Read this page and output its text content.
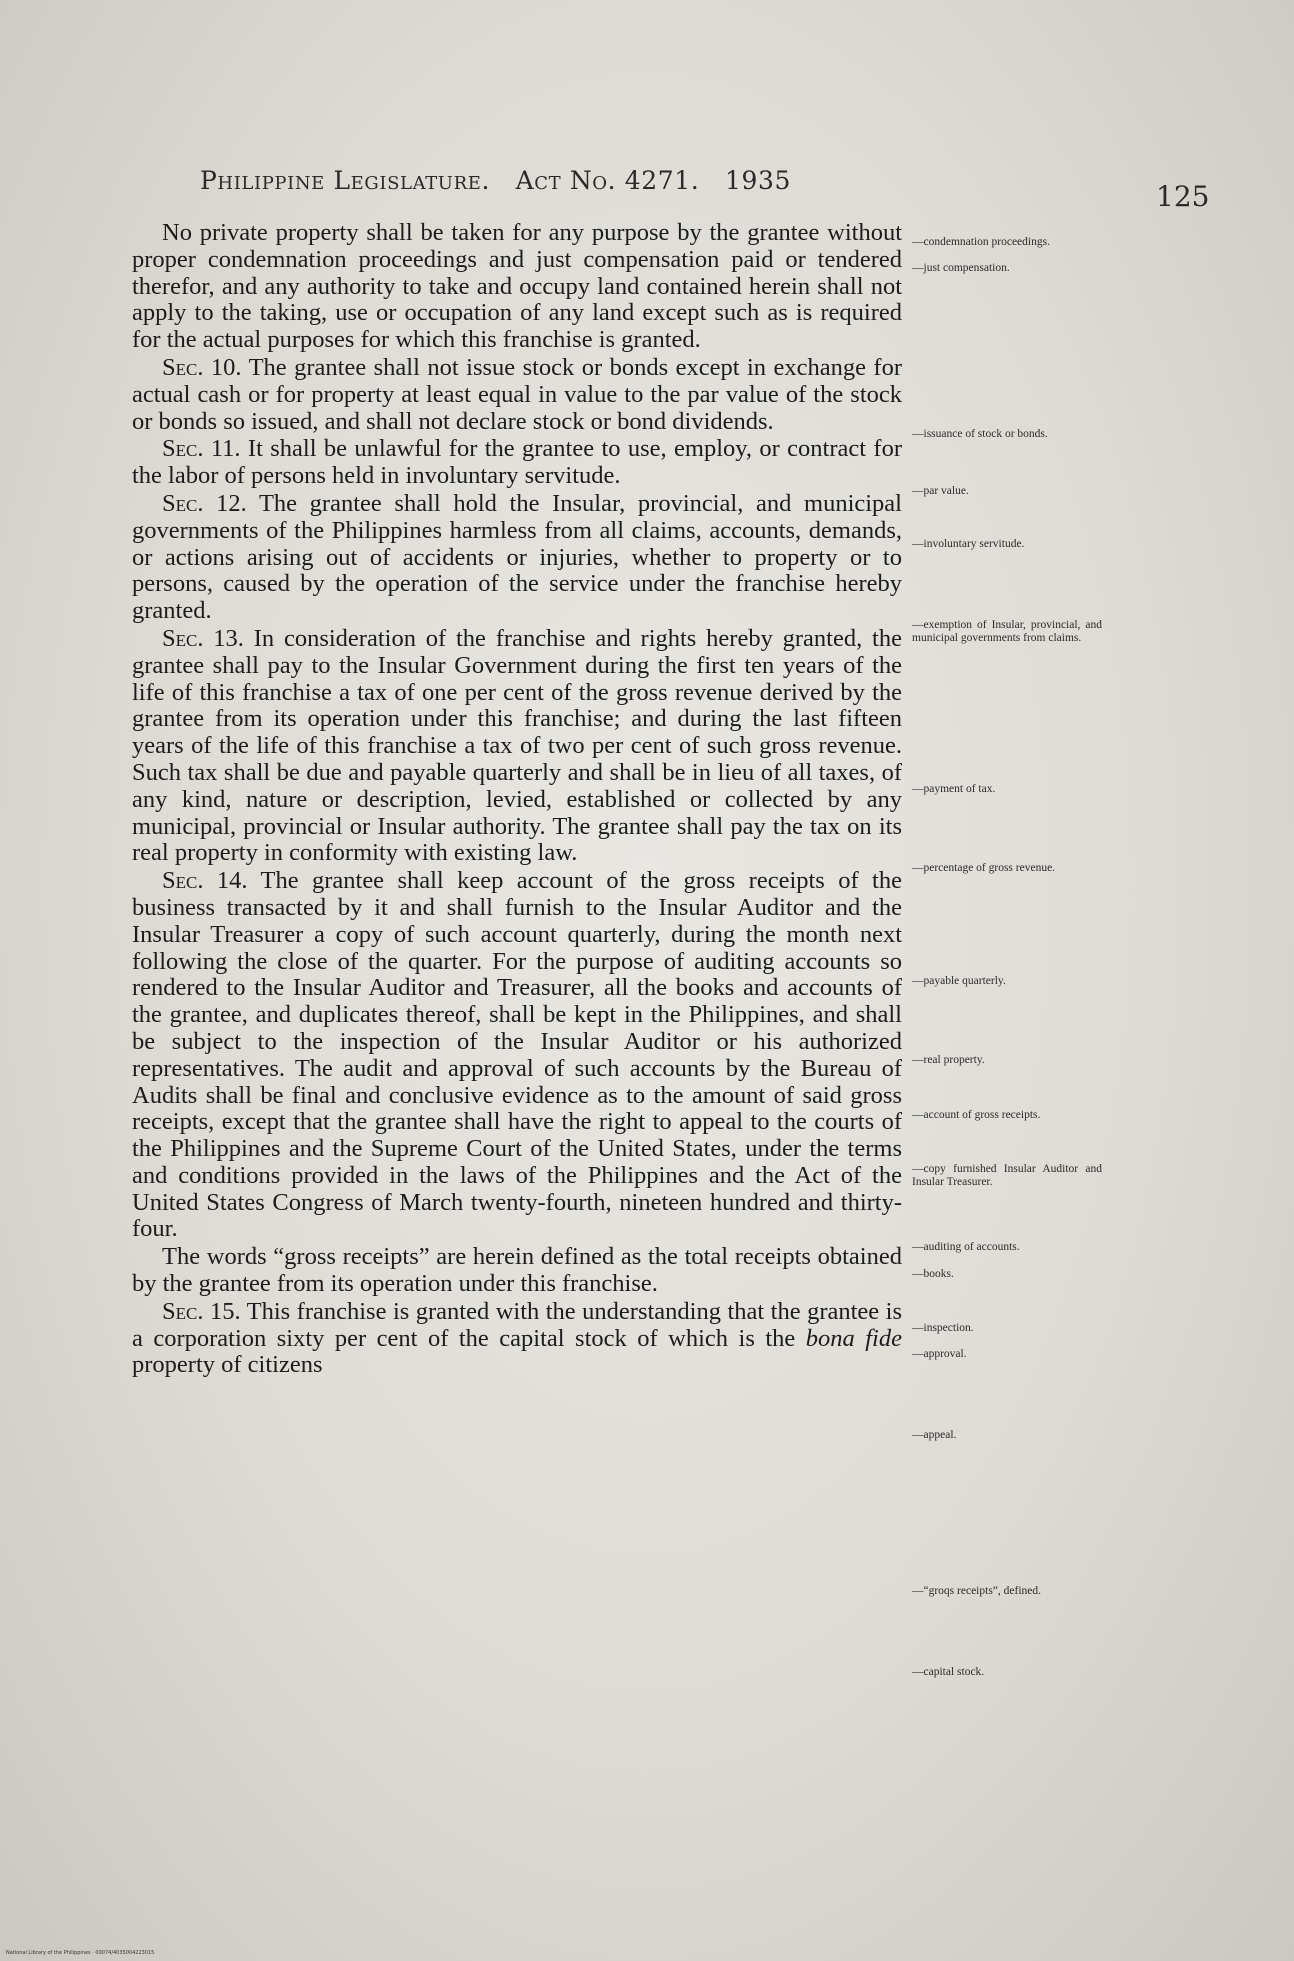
Philippine Legislature. Act No. 4271. 1935	125

No private property shall be taken for any purpose by the grantee without proper condemnation proceedings and just compensation paid or tendered therefor, and any authority to take and occupy land contained herein shall not apply to the taking, use or occupation of any land except such as is required for the actual purposes for which this franchise is granted.

Sec. 10. The grantee shall not issue stock or bonds except in exchange for actual cash or for property at least equal in value to the par value of the stock or bonds so issued, and shall not declare stock or bond dividends.

Sec. 11. It shall be unlawful for the grantee to use, employ, or contract for the labor of persons held in involuntary servitude.

Sec. 12. The grantee shall hold the Insular, provincial, and municipal governments of the Philippines harmless from all claims, accounts, demands, or actions arising out of accidents or injuries, whether to property or to persons, caused by the operation of the service under the franchise hereby granted.

Sec. 13. In consideration of the franchise and rights hereby granted, the grantee shall pay to the Insular Government during the first ten years of the life of this franchise a tax of one per cent of the gross revenue derived by the grantee from its operation under this franchise; and during the last fifteen years of the life of this franchise a tax of two per cent of such gross revenue. Such tax shall be due and payable quarterly and shall be in lieu of all taxes, of any kind, nature or description, levied, established or collected by any municipal, provincial or Insular authority. The grantee shall pay the tax on its real property in conformity with existing law.

Sec. 14. The grantee shall keep account of the gross receipts of the business transacted by it and shall furnish to the Insular Auditor and the Insular Treasurer a copy of such account quarterly, during the month next following the close of the quarter. For the purpose of auditing accounts so rendered to the Insular Auditor and Treasurer, all the books and accounts of the grantee, and duplicates thereof, shall be kept in the Philippines, and shall be subject to the inspection of the Insular Auditor or his authorized representatives. The audit and approval of such accounts by the Bureau of Audits shall be final and conclusive evidence as to the amount of said gross receipts, except that the grantee shall have the right to appeal to the courts of the Philippines and the Supreme Court of the United States, under the terms and conditions provided in the laws of the Philippines and the Act of the United States Congress of March twenty-fourth, nineteen hundred and thirty-four.

The words “gross receipts” are herein defined as the total receipts obtained by the grantee from its operation under this franchise.

Sec. 15. This franchise is granted with the understanding that the grantee is a corporation sixty per cent of the capital stock of which is the bona fide property of citizens

—condemnation proceedings.
—just compensation.
—issuance of stock or bonds.
—par value.
—involuntary servitude.
—exemption of Insular, provincial, and municipal governments from claims.
—payment of tax.
—percentage of gross revenue.
—payable quarterly.
—real property.
—account of gross receipts.
—copy furnished Insular Auditor and Insular Treasurer.
—auditing of accounts.
—books.
—inspection.
—approval.
—appeal.
—“groqs receipts”, defined.
—capital stock.
National Library of the Philippines · 00074/4035004223015
